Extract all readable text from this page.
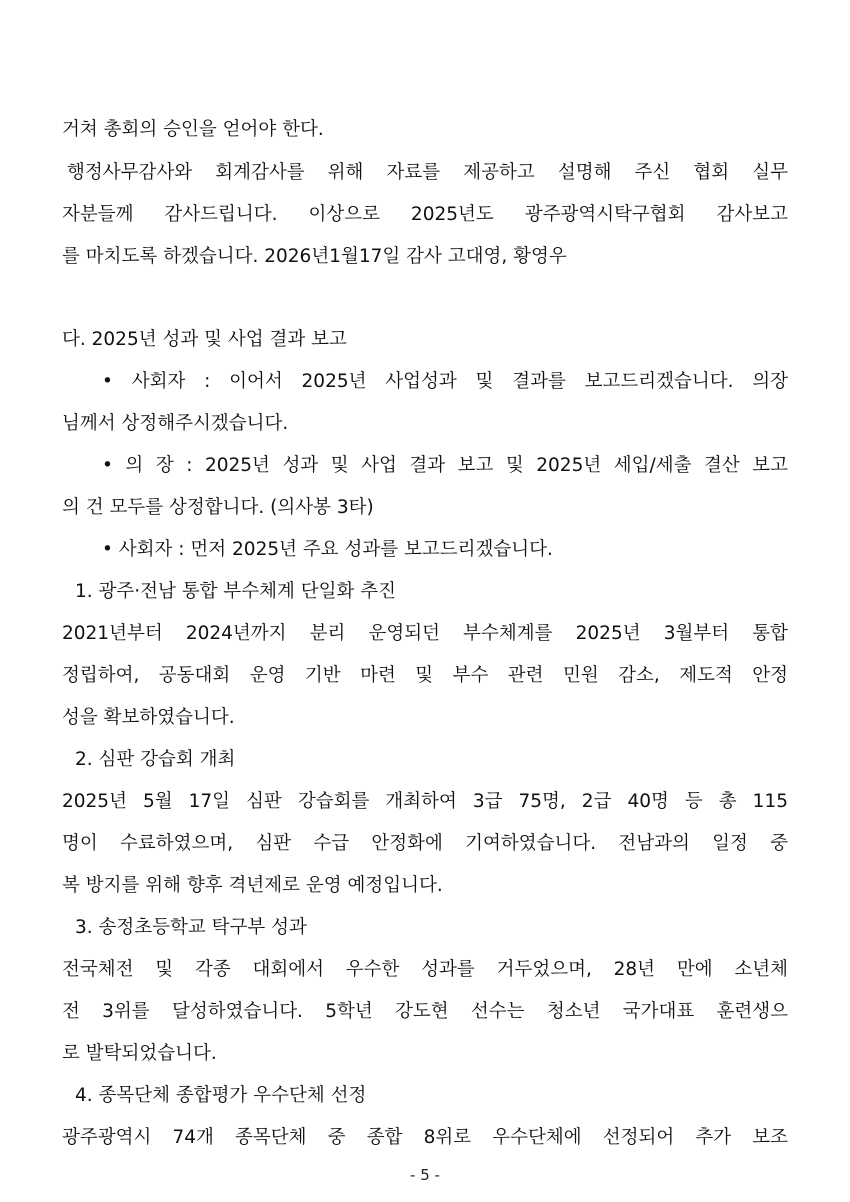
거쳐 총회의 승인을 얻어야 한다.
행정사무감사와 회계감사를 위해 자료를 제공하고 설명해 주신 협회 실무
자분들께 감사드립니다. 이상으로 2025년도 광주광역시탁구협회 감사보고
를 마치도록 하겠습니다. 2026년1월17일 감사 고대영, 황영우
다. 2025년 성과 및 사업 결과 보고
• 사회자 : 이어서 2025년 사업성과 및 결과를 보고드리겠습니다. 의장
님께서 상정해주시겠습니다.
• 의 장 : 2025년 성과 및 사업 결과 보고 및 2025년 세입/세출 결산 보고
의 건 모두를 상정합니다. (의사봉 3타)
• 사회자 : 먼저 2025년 주요 성과를 보고드리겠습니다.
1. 광주·전남 통합 부수체계 단일화 추진
2021년부터 2024년까지 분리 운영되던 부수체계를 2025년 3월부터 통합
정립하여, 공동대회 운영 기반 마련 및 부수 관련 민원 감소, 제도적 안정
성을 확보하였습니다.
2. 심판 강습회 개최
2025년 5월 17일 심판 강습회를 개최하여 3급 75명, 2급 40명 등 총 115
명이 수료하였으며, 심판 수급 안정화에 기여하였습니다. 전남과의 일정 중
복 방지를 위해 향후 격년제로 운영 예정입니다.
3. 송정초등학교 탁구부 성과
전국체전 및 각종 대회에서 우수한 성과를 거두었으며, 28년 만에 소년체
전 3위를 달성하였습니다. 5학년 강도현 선수는 청소년 국가대표 훈련생으
로 발탁되었습니다.
4. 종목단체 종합평가 우수단체 선정
광주광역시 74개 종목단체 중 종합 8위로 우수단체에 선정되어 추가 보조
- 5 -
